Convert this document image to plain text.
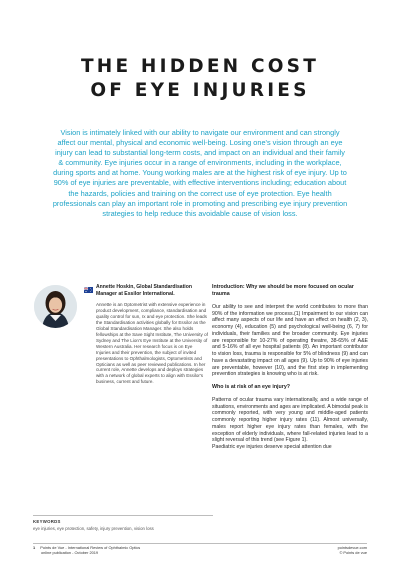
THE HIDDEN COST
OF EYE INJURIES

Vision is intimately linked with our ability to navigate our environment and can strongly affect our mental, physical and economic well-being. Losing one's vision through an eye injury can lead to substantial long-term costs, and impact on an individual and their family & community. Eye injuries occur in a range of environments, including in the workplace, during sports and at home. Young working males are at the highest risk of eye injury. Up to 90% of eye injuries are preventable, with effective interventions including; education about the hazards, policies and training on the correct use of eye protection. Eye health professionals can play an important role in promoting and prescribing eye injury prevention strategies to help reduce this avoidable cause of vision loss.

Annette Hoskin, Global Standardisation Manager at Essilor International.

Annette is an Optometrist with extensive experience in product development, compliance, standardisation and quality control for sun, rx and eye protection. She leads the Standardisation activities globally for Essilor as the Global Standardisation Manager. She also holds fellowships at the Save Sight Institute, The University of Sydney and The Lion's Eye Institute at the University of Western Australia. Her research focus is on Eye Injuries and their prevention, the subject of invited presentations to Ophthalmologists, Optometrists and Opticians as well as peer reviewed publications. In her current role, Annette develops and deploys strategies with a network of global experts to align with Essilor's business, current and future.

KEYWORDS
eye injuries, eye protection, safety, injury prevention, vision loss
Introduction: Why we should be more focused on ocular trauma

Our ability to see and interpret the world contributes to more than 90% of the information we process.(1) Impairment to our vision can affect many aspects of our life and have an effect on health (2, 3), economy (4), education (5) and psychological well-being (6, 7) for individuals, their families and the broader community. Eye injuries are responsible for 10-27% of operating theatre, 38-65% of A&E and 5-16% of all eye hospital patients (8). An important contributor to vision loss, trauma is responsible for 5% of blindness (9) and can have a devastating impact on all ages (9). Up to 90% of eye injuries are preventable, however (10), and the first step in implementing prevention strategies is knowing who is at risk.

Who is at risk of an eye injury?

Patterns of ocular trauma vary internationally, and a wide range of situations, environments and ages are implicated. A bimodal peak is commonly reported, with very young and middle-aged patients commonly reporting higher injury rates (11). Almost universally, males report higher eye injury rates than females, with the exception of elderly individuals, where fall-related injuries lead to a slight reversal of this trend (see Figure 1).

Paediatric eye injuries deserve special attention due

1 Points de Vue - International Review of Ophthalmic Optics
online publication - October 2019
pointsdevue.com
© Points de vue
